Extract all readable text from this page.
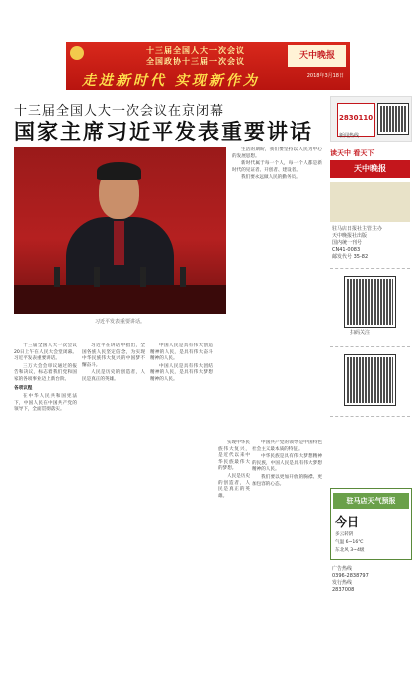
十三届全国人大一次会议
全国政协十三届一次会议
走进新时代 实现新作为
天中晚报
2018年3月18日
十三届全国人大一次会议在京闭幕
国家主席习近平发表重要讲话
习近平发表重要讲话。

十三届全国人大一次会议20日上午在人民大会堂闭幕。习近平发表重要讲话。

三万大会会审议通过的报告和决议，标志着我们党和国家的各项事业迈上新台阶。

各项议程

在中华人民共和国宪法下，中国人民在中国共产党的领导下，全面贯彻落实。

习近平在讲话中指出，全国各族人民坚定信念，为实现中华民族伟大复兴的中国梦不懈奋斗。

人民是历史的创造者，人民是真正的英雄。

中国人民是具有伟大创造精神的人民，是具有伟大奋斗精神的人民。

中国人民是具有伟大团结精神的人民，是具有伟大梦想精神的人民。

实现中华民族伟大复兴，是近代以来中华民族最伟大的梦想。

人民是历史的创造者，人民是真正的英雄。

生活的期盼，我们要坚持以人民为中心的发展思想。

新时代属于每一个人，每一个人都是新时代的见证者、开创者、建设者。

我们要永远做人民的勤务员。

中国共产党的领导是中国特色社会主义最本质的特征。

中华民族是具有伟大梦想精神的民族，中国人民是具有伟大梦想精神的人民。

我们要以更加开放的胸襟、更加包容的心态。

2830110
新闻热线
读天中 看天下
天中晚报
驻马店日报社主管主办
天中晚报社出版
国内统一刊号
CN41-0083
邮发代号 35-82
扫码关注
驻马店天气预报
今日
多云转阴
气温 6~16℃
东北风 3~4级
广告热线
0396-2838797
发行热线
2837008
